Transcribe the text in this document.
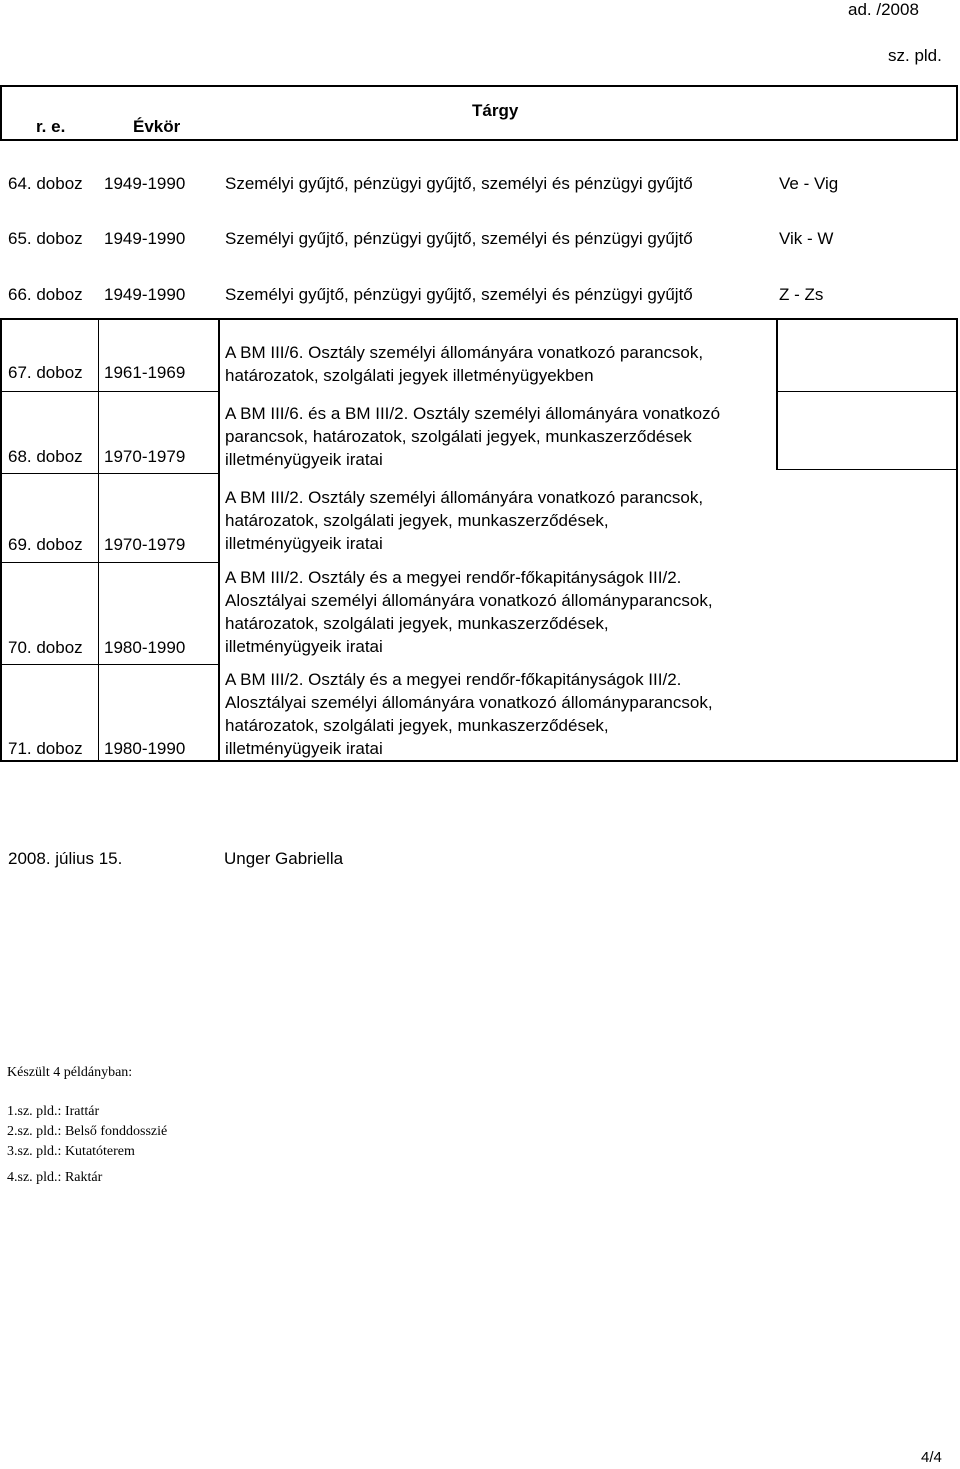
ad. /2008
sz. pld.
r. e.	Évkör
Tárgy
64. doboz 1949-1990 Személyi gyűjtő, pénzügyi gyűjtő, személyi és pénzügyi gyűjtő	Ve - Vig
65. doboz 1949-1990 Személyi gyűjtő, pénzügyi gyűjtő, személyi és pénzügyi gyűjtő	Vik - W
66. doboz 1949-1990 Személyi gyűjtő, pénzügyi gyűjtő, személyi és pénzügyi gyűjtő	Z - Zs
67. doboz 1961-1969
A BM III/6. Osztály személyi állományára vonatkozó parancsok,
határozatok, szolgálati jegyek illetményügyekben
68. doboz 1970-1979
A BM III/6. és a BM III/2. Osztály személyi állományára vonatkozó
parancsok, határozatok, szolgálati jegyek, munkaszerződések
illetményügyeik iratai
69. doboz 1970-1979
A BM III/2. Osztály személyi állományára vonatkozó parancsok,
határozatok, szolgálati jegyek, munkaszerződések,
illetményügyeik iratai
70. doboz 1980-1990
A BM III/2. Osztály és a megyei rendőr-főkapitányságok III/2.
Alosztályai személyi állományára vonatkozó állományparancsok,
határozatok, szolgálati jegyek, munkaszerződések,
illetményügyeik iratai
71. doboz 1980-1990
A BM III/2. Osztály és a megyei rendőr-főkapitányságok III/2.
Alosztályai személyi állományára vonatkozó állományparancsok,
határozatok, szolgálati jegyek, munkaszerződések,
illetményügyeik iratai
2008. július 15.	Unger Gabriella
Készült 4 példányban:
1.sz. pld.: Irattár
2.sz. pld.: Belső fonddosszié
3.sz. pld.: Kutatóterem
4.sz. pld.: Raktár
4/4
